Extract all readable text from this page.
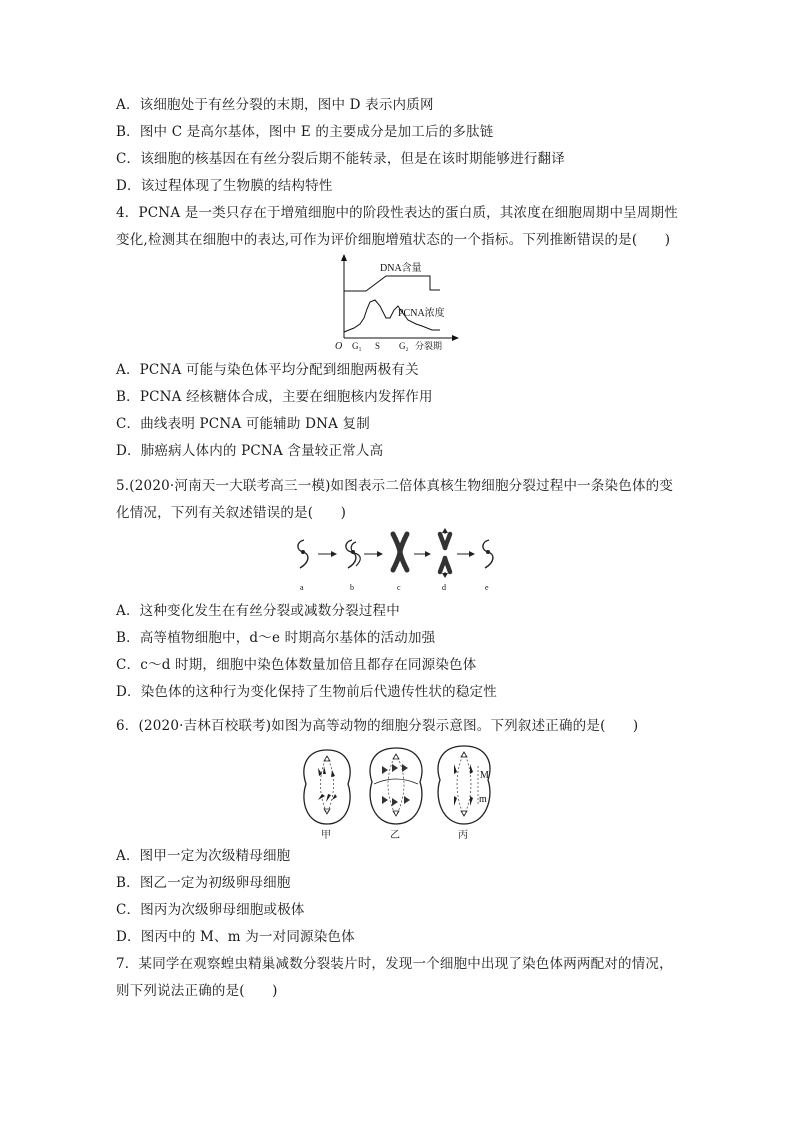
A．该细胞处于有丝分裂的末期，图中 D 表示内质网
B．图中 C 是高尔基体，图中 E 的主要成分是加工后的多肽链
C．该细胞的核基因在有丝分裂后期不能转录，但是在该时期能够进行翻译
D．该过程体现了生物膜的结构特性
4．PCNA 是一类只存在于增殖细胞中的阶段性表达的蛋白质，其浓度在细胞周期中呈周期性
变化,检测其在细胞中的表达,可作为评价细胞增殖状态的一个指标。下列推断错误的是(　　)
DNA含量
PCNA浓度
O G₁ S G₂ 分裂期
A．PCNA 可能与染色体平均分配到细胞两极有关
B．PCNA 经核糖体合成，主要在细胞核内发挥作用
C．曲线表明 PCNA 可能辅助 DNA 复制
D．肺癌病人体内的 PCNA 含量较正常人高
5.(2020·河南天一大联考高三一模)如图表示二倍体真核生物细胞分裂过程中一条染色体的变
化情况，下列有关叙述错误的是(　　)
a	b	c	d	e
A．这种变化发生在有丝分裂或减数分裂过程中
B．高等植物细胞中，d～e 时期高尔基体的活动加强
C．c～d 时期，细胞中染色体数量加倍且都存在同源染色体
D．染色体的这种行为变化保持了生物前后代遗传性状的稳定性
6．(2020·吉林百校联考)如图为高等动物的细胞分裂示意图。下列叙述正确的是(　　)
M
m
甲	乙	丙
A．图甲一定为次级精母细胞
B．图乙一定为初级卵母细胞
C．图丙为次级卵母细胞或极体
D．图丙中的 M、m 为一对同源染色体
7．某同学在观察蝗虫精巢减数分裂装片时，发现一个细胞中出现了染色体两两配对的情况，
则下列说法正确的是(　　)
